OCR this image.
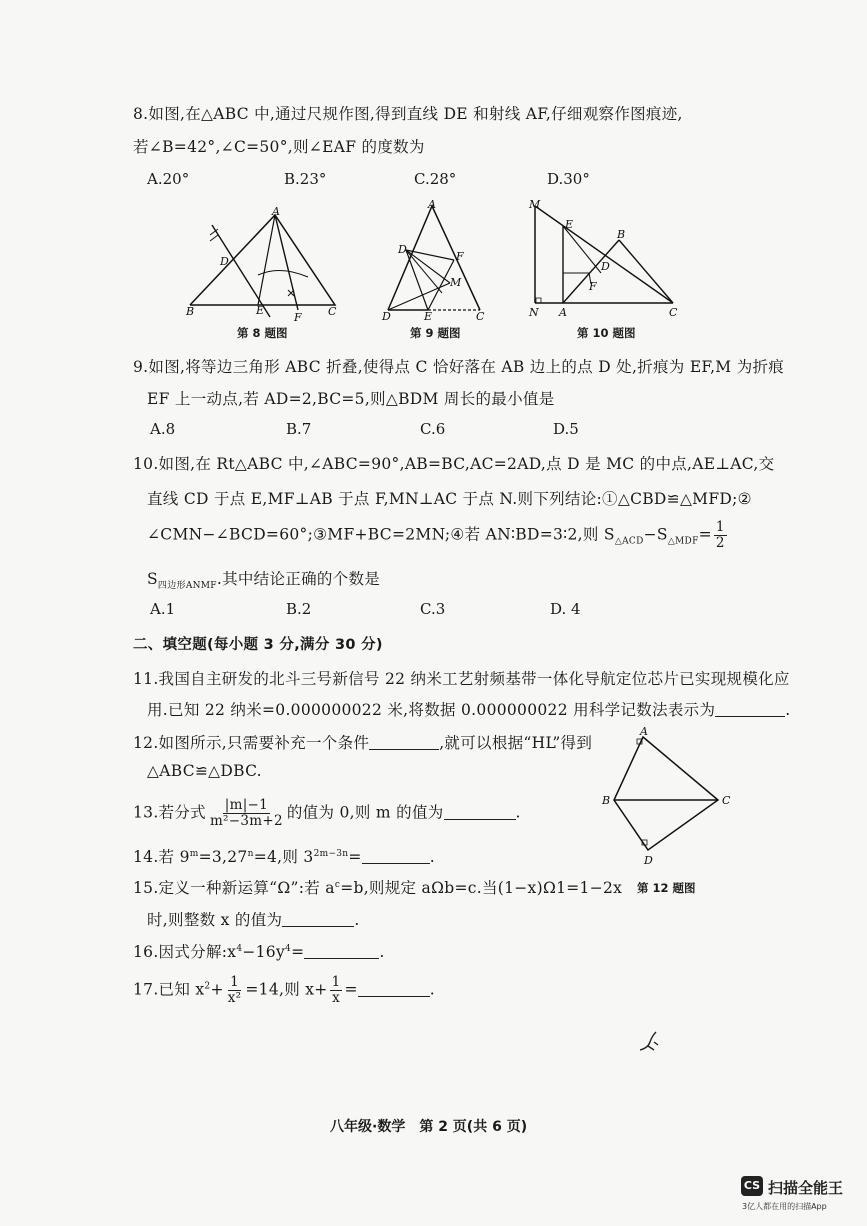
8.如图,在△ABC 中,通过尺规作图,得到直线 DE 和射线 AF,仔细观察作图痕迹,
若∠B=42°,∠C=50°,则∠EAF 的度数为
A.20°	B.23°	C.28°	D.30°
A
B	C
D
E
F
第 8 题图
A
D
F
M
D	E	C
第 9 题图
M
E
B
D
F
N A	C
第 10 题图
9.如图,将等边三角形 ABC 折叠,使得点 C 恰好落在 AB 边上的点 D 处,折痕为 EF,M 为折痕
EF 上一动点,若 AD=2,BC=5,则△BDM 周长的最小值是
A.8	B.7	C.6	D.5
10.如图,在 Rt△ABC 中,∠ABC=90°,AB=BC,AC=2AD,点 D 是 MC 的中点,AE⊥AC,交
直线 CD 于点 E,MF⊥AB 于点 F,MN⊥AC 于点 N.则下列结论:①△CBD≌△MFD;②
∠CMN−∠BCD=60°;③MF+BC=2MN;④若 AN∶BD=3∶2,则 $S_{\triangle ACD}-S_{\triangle MDF}= \frac{1}{2}$
$S_{四边形ANMF}$.其中结论正确的个数是
A.1	B.2	C.3	D. 4
二、填空题(每小题 3 分,满分 30 分)
11.我国自主研发的北斗三号新信号 22 纳米工艺射频基带一体化导航定位芯片已实现规模化应
用.已知 22 纳米=0.000000022 米,将数据 0.000000022 用科学记数法表示为	.
12.如图所示,只需要补充一个条件	,就可以根据“HL”得到
△ABC≌△DBC.
A
B	C
D
第 12 题图
13.若分式 $\frac{|m|-1}{\text{m²−3m+2}}$ 的值为 0,则 m 的值为	.
14.若 $9^m=3,27^n=4$,则 $3^{2m-3n}=$	.
15.定义一种新运算“Ω”:若 $a^c=b$,则规定 aΩb=c.当(1−x)Ω1=1−2x
时,则整数 x 的值为	.
16.因式分解$:x^4-16y^4=$	.
17.已知 $x^2+ \frac{1}{\text{x²}} =14$,则 $x+ \frac{1}{x}$ =	.
八年级·数学　第 2 页(共 6 页)
CS 扫描全能王
3亿人都在用的扫描App
